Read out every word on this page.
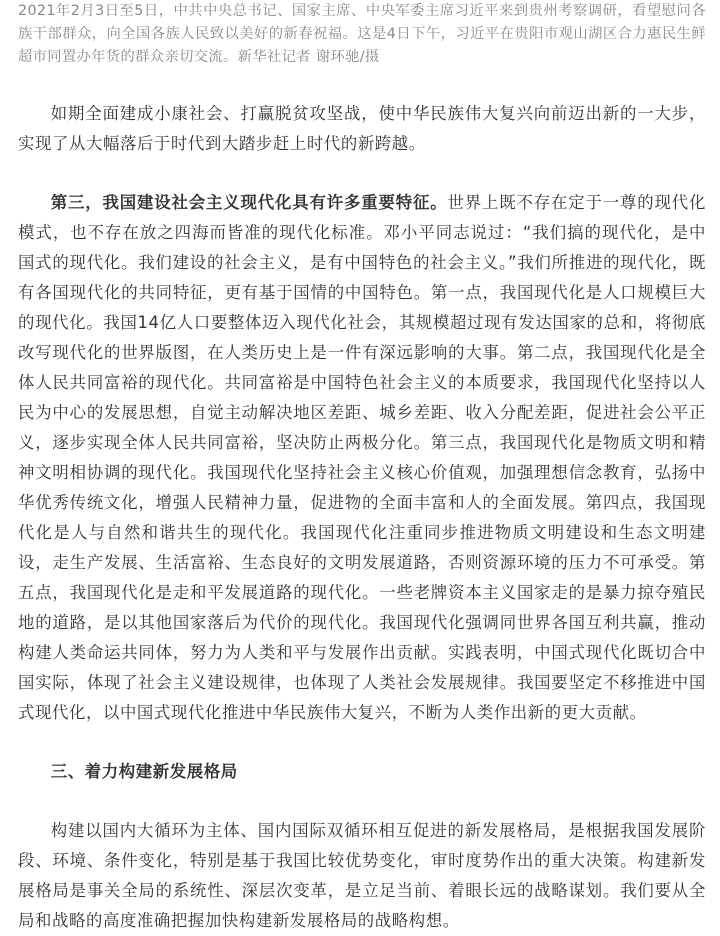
2021年2月3日至5日，中共中央总书记、国家主席、中央军委主席习近平来到贵州考察调研，看望慰问各族干部群众，向全国各族人民致以美好的新春祝福。这是4日下午，习近平在贵阳市观山湖区合力惠民生鲜超市同置办年货的群众亲切交流。新华社记者 谢环驰/摄

如期全面建成小康社会、打赢脱贫攻坚战，使中华民族伟大复兴向前迈出新的一大步，实现了从大幅落后于时代到大踏步赶上时代的新跨越。

第三，我国建设社会主义现代化具有许多重要特征。世界上既不存在定于一尊的现代化模式，也不存在放之四海而皆准的现代化标准。邓小平同志说过：“我们搞的现代化，是中国式的现代化。我们建设的社会主义，是有中国特色的社会主义。”我们所推进的现代化，既有各国现代化的共同特征，更有基于国情的中国特色。第一点，我国现代化是人口规模巨大的现代化。我国14亿人口要整体迈入现代化社会，其规模超过现有发达国家的总和，将彻底改写现代化的世界版图，在人类历史上是一件有深远影响的大事。第二点，我国现代化是全体人民共同富裕的现代化。共同富裕是中国特色社会主义的本质要求，我国现代化坚持以人民为中心的发展思想，自觉主动解决地区差距、城乡差距、收入分配差距，促进社会公平正义，逐步实现全体人民共同富裕，坚决防止两极分化。第三点，我国现代化是物质文明和精神文明相协调的现代化。我国现代化坚持社会主义核心价值观，加强理想信念教育，弘扬中华优秀传统文化，增强人民精神力量，促进物的全面丰富和人的全面发展。第四点，我国现代化是人与自然和谐共生的现代化。我国现代化注重同步推进物质文明建设和生态文明建设，走生产发展、生活富裕、生态良好的文明发展道路，否则资源环境的压力不可承受。第五点，我国现代化是走和平发展道路的现代化。一些老牌资本主义国家走的是暴力掠夺殖民地的道路，是以其他国家落后为代价的现代化。我国现代化强调同世界各国互利共赢，推动构建人类命运共同体，努力为人类和平与发展作出贡献。实践表明，中国式现代化既切合中国实际，体现了社会主义建设规律，也体现了人类社会发展规律。我国要坚定不移推进中国式现代化，以中国式现代化推进中华民族伟大复兴，不断为人类作出新的更大贡献。

三、着力构建新发展格局

构建以国内大循环为主体、国内国际双循环相互促进的新发展格局，是根据我国发展阶段、环境、条件变化，特别是基于我国比较优势变化，审时度势作出的重大决策。构建新发展格局是事关全局的系统性、深层次变革，是立足当前、着眼长远的战略谋划。我们要从全局和战略的高度准确把握加快构建新发展格局的战略构想。
